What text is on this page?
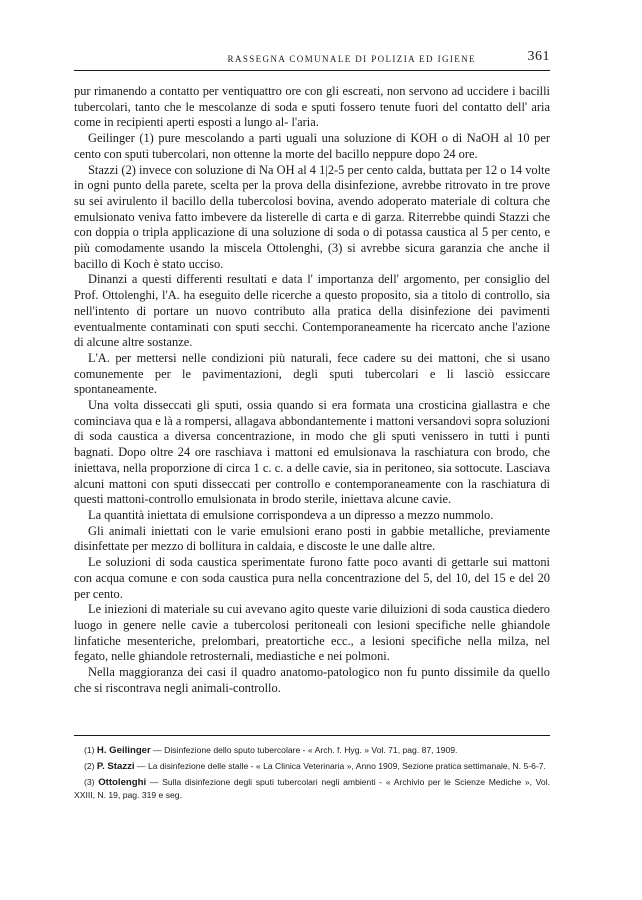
RASSEGNA COMUNALE DI POLIZIA ED IGIENE	361

pur rimanendo a contatto per ventiquattro ore con gli escreati, non servono ad uccidere i bacilli tubercolari, tanto che le mescolanze di soda e sputi fossero tenute fuori del contatto dell' aria come in recipienti aperti esposti a lungo al- l'aria.

Geilinger (1) pure mescolando a parti uguali una soluzione di KOH o di NaOH al 10 per cento con sputi tubercolari, non ottenne la morte del bacillo neppure dopo 24 ore.

Stazzi (2) invece con soluzione di Na OH al 4 1|2-5 per cento calda, buttata per 12 o 14 volte in ogni punto della parete, scelta per la prova della disinfezione, avrebbe ritrovato in tre prove su sei avirulento il bacillo della tubercolosi bovina, avendo adoperato materiale di coltura che emulsionato veniva fatto imbevere da listerelle di carta e di garza. Riterrebbe quindi Stazzi che con doppia o tripla applicazione di una soluzione di soda o di potassa caustica al 5 per cento, e più comodamente usando la miscela Ottolenghi, (3) si avrebbe sicura garanzia che anche il bacillo di Koch è stato ucciso.

Dinanzi a questi differenti resultati e data l' importanza dell' argomento, per consiglio del Prof. Ottolenghi, l'A. ha eseguito delle ricerche a questo proposito, sia a titolo di controllo, sia nell'intento di portare un nuovo contributo alla pratica della disinfezione dei pavimenti eventualmente contaminati con sputi secchi. Contemporaneamente ha ricercato anche l'azione di alcune altre sostanze.

L'A. per mettersi nelle condizioni più naturali, fece cadere su dei mattoni, che si usano comunemente per le pavimentazioni, degli sputi tubercolari e li lasciò essiccare spontaneamente.

Una volta disseccati gli sputi, ossia quando si era formata una crosticina giallastra e che cominciava qua e là a rompersi, allagava abbondantemente i mattoni versandovi sopra soluzioni di soda caustica a diversa concentrazione, in modo che gli sputi venissero in tutti i punti bagnati. Dopo oltre 24 ore raschiava i mattoni ed emulsionava la raschiatura con brodo, che iniettava, nella proporzione di circa 1 c. c. a delle cavie, sia in peritoneo, sia sottocute. Lasciava alcuni mattoni con sputi disseccati per controllo e contemporaneamente con la raschiatura di questi mattoni-controllo emulsionata in brodo sterile, iniettava alcune cavie.

La quantità iniettata di emulsione corrispondeva a un dipresso a mezzo nummolo.

Gli animali iniettati con le varie emulsioni erano posti in gabbie metalliche, previamente disinfettate per mezzo di bollitura in caldaia, e discoste le une dalle altre.

Le soluzioni di soda caustica sperimentate furono fatte poco avanti di gettarle sui mattoni con acqua comune e con soda caustica pura nella concentrazione del 5, del 10, del 15 e del 20 per cento.

Le iniezioni di materiale su cui avevano agito queste varie diluizioni di soda caustica diedero luogo in genere nelle cavie a tubercolosi peritoneali con lesioni specifiche nelle ghiandole linfatiche mesenteriche, prelombari, preatortiche ecc., a lesioni specifiche nella milza, nel fegato, nelle ghiandole retrosternali, mediastiche e nei polmoni.

Nella maggioranza dei casi il quadro anatomo-patologico non fu punto dissimile da quello che si riscontrava negli animali-controllo.

(1) H. Geilinger — Disinfezione dello sputo tubercolare - « Arch. f. Hyg. » Vol. 71, pag. 87, 1909.

(2) P. Stazzi — La disinfezione delle stalle - « La Clinica Veterinaria », Anno 1909, Sezione pratica settimanale, N. 5-6-7.

(3) Ottolenghi — Sulla disinfezione degli sputi tubercolari negli ambienti - « Archivio per le Scienze Mediche », Vol. XXIII, N. 19, pag. 319 e seg.
